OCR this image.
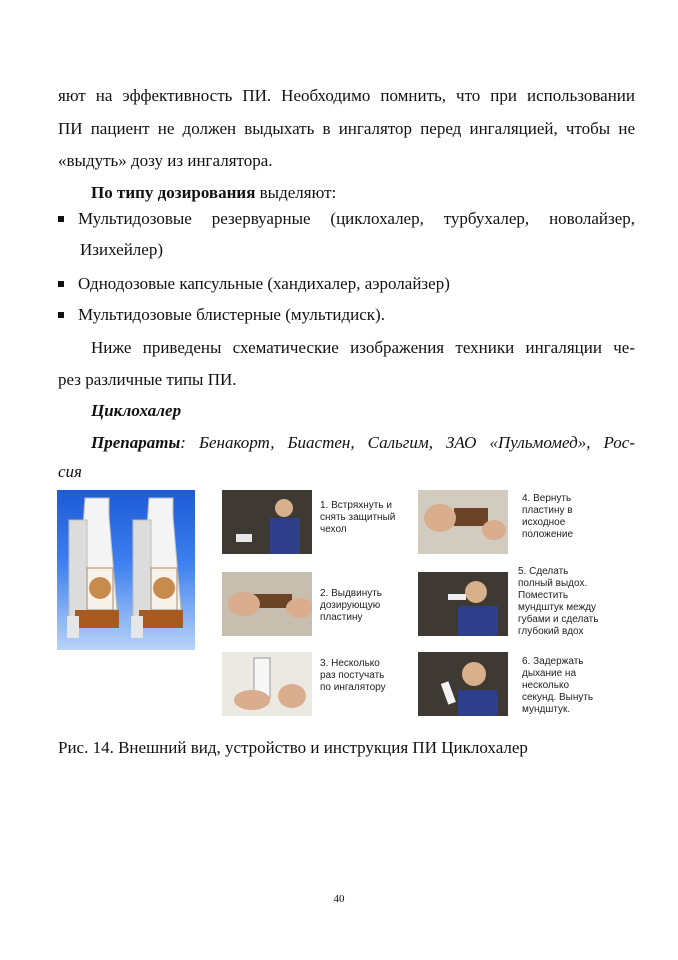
яют на эффективность ПИ. Необходимо помнить, что при использовании
ПИ пациент не должен выдыхать в ингалятор перед ингаляцией, чтобы не
«выдуть» дозу из ингалятора.
По типу дозирования выделяют:
Мультидозовые резервуарные (циклохалер, турбухалер, новолайзер,
Изихейлер)
Однодозовые капсульные (хандихалер, аэролайзер)
Мультидозовые блистерные (мультидиск).
Ниже приведены схематические изображения техники ингаляции че-
рез различные типы ПИ.
Циклохалер
Препараты: Бенакорт, Биастен, Сальгим, ЗАО «Пульмомед», Рос-
сия
1. Встряхнуть и
снять защитный
чехол
2. Выдвинуть
дозирующую
пластину
3. Несколько
раз постучать
по ингалятору
4. Вернуть
пластину в
исходное
положение
5. Сделать
полный выдох.
Поместить
мундштук между
губами и сделать
глубокий вдох
6. Задержать
дыхание на
несколько
секунд. Вынуть
мундштук.
Рис. 14. Внешний вид, устройство и инструкция ПИ Циклохалер
40
